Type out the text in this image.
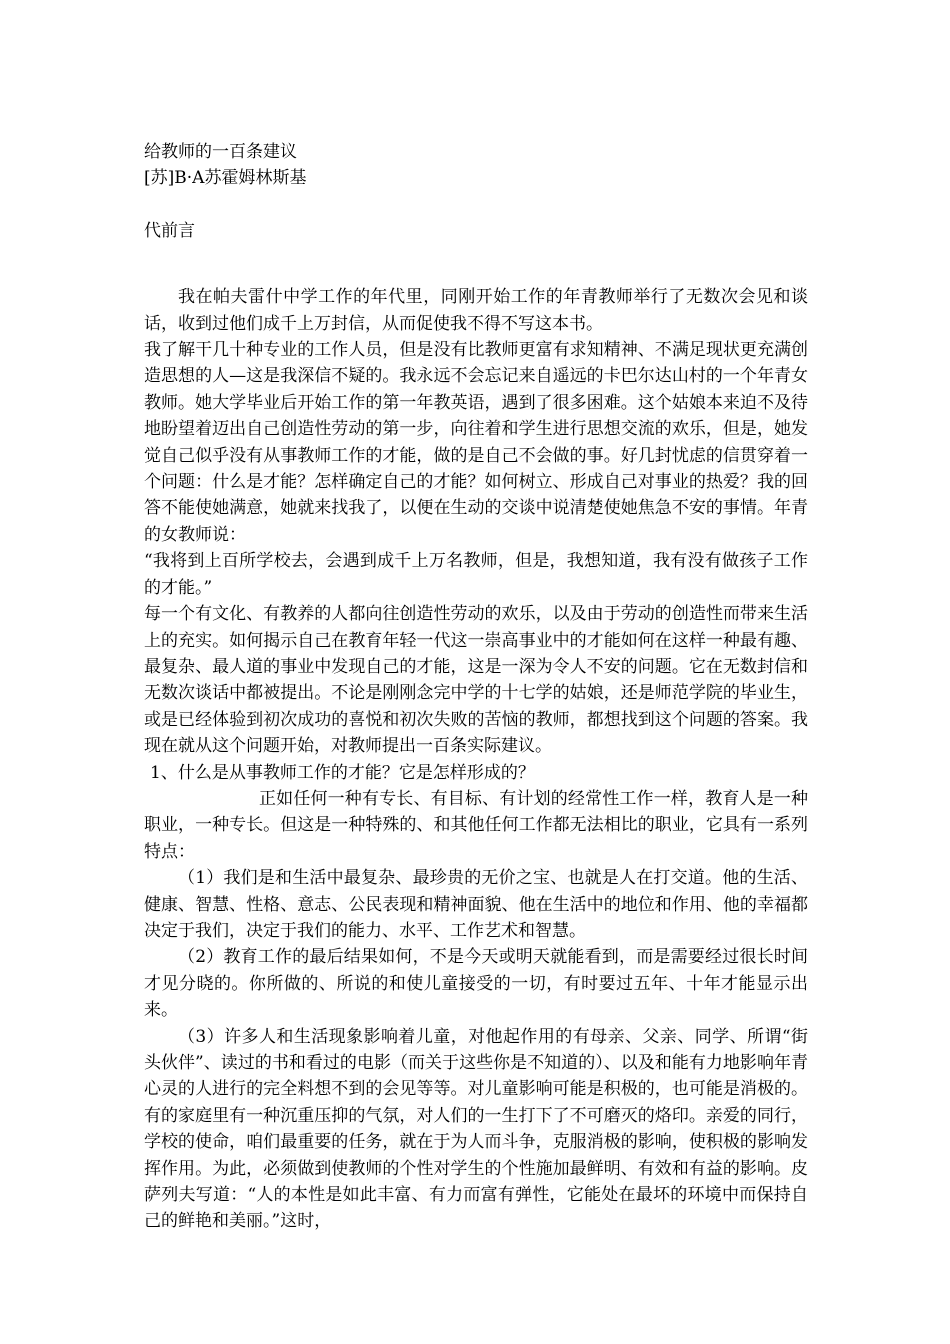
给教师的一百条建议
[苏]B·A苏霍姆林斯基
代前言

我在帕夫雷什中学工作的年代里，同刚开始工作的年青教师举行了无数次会见和谈话，收到过他们成千上万封信，从而促使我不得不写这本书。

我了解干几十种专业的工作人员，但是没有比教师更富有求知精神、不满足现状更充满创造思想的人—这是我深信不疑的。我永远不会忘记来自遥远的卡巴尔达山村的一个年青女教师。她大学毕业后开始工作的第一年教英语，遇到了很多困难。这个姑娘本来迫不及待地盼望着迈出自己创造性劳动的第一步，向往着和学生进行思想交流的欢乐，但是，她发觉自己似乎没有从事教师工作的才能，做的是自己不会做的事。好几封忧虑的信贯穿着一个问题：什么是才能？怎样确定自己的才能？如何树立、形成自己对事业的热爱？我的回答不能使她满意，她就来找我了，以便在生动的交谈中说清楚使她焦急不安的事情。年青的女教师说：

“我将到上百所学校去，会遇到成千上万名教师，但是，我想知道，我有没有做孩子工作的才能。”

每一个有文化、有教养的人都向往创造性劳动的欢乐，以及由于劳动的创造性而带来生活上的充实。如何揭示自己在教育年轻一代这一崇高事业中的才能如何在这样一种最有趣、最复杂、最人道的事业中发现自己的才能，这是一深为令人不安的问题。它在无数封信和无数次谈话中都被提出。不论是刚刚念完中学的十七学的姑娘，还是师范学院的毕业生，或是已经体验到初次成功的喜悦和初次失败的苦恼的教师，都想找到这个问题的答案。我现在就从这个问题开始，对教师提出一百条实际建议。

1、什么是从事教师工作的才能？它是怎样形成的？

正如任何一种有专长、有目标、有计划的经常性工作一样，教育人是一种职业，一种专长。但这是一种特殊的、和其他任何工作都无法相比的职业，它具有一系列特点：

（1）我们是和生活中最复杂、最珍贵的无价之宝、也就是人在打交道。他的生活、健康、智慧、性格、意志、公民表现和精神面貌、他在生活中的地位和作用、他的幸福都决定于我们，决定于我们的能力、水平、工作艺术和智慧。

（2）教育工作的最后结果如何，不是今天或明天就能看到，而是需要经过很长时间才见分晓的。你所做的、所说的和使儿童接受的一切，有时要过五年、十年才能显示出来。

（3）许多人和生活现象影响着儿童，对他起作用的有母亲、父亲、同学、所谓“街头伙伴”、读过的书和看过的电影（而关于这些你是不知道的）、以及和能有力地影响年青心灵的人进行的完全料想不到的会见等等。对儿童影响可能是积极的，也可能是消极的。有的家庭里有一种沉重压抑的气氛，对人们的一生打下了不可磨灭的烙印。亲爱的同行，学校的使命，咱们最重要的任务，就在于为人而斗争，克服消极的影响，使积极的影响发挥作用。为此，必须做到使教师的个性对学生的个性施加最鲜明、有效和有益的影响。皮萨列夫写道：“人的本性是如此丰富、有力而富有弹性，它能处在最坏的环境中而保持自己的鲜艳和美丽。”这时，
